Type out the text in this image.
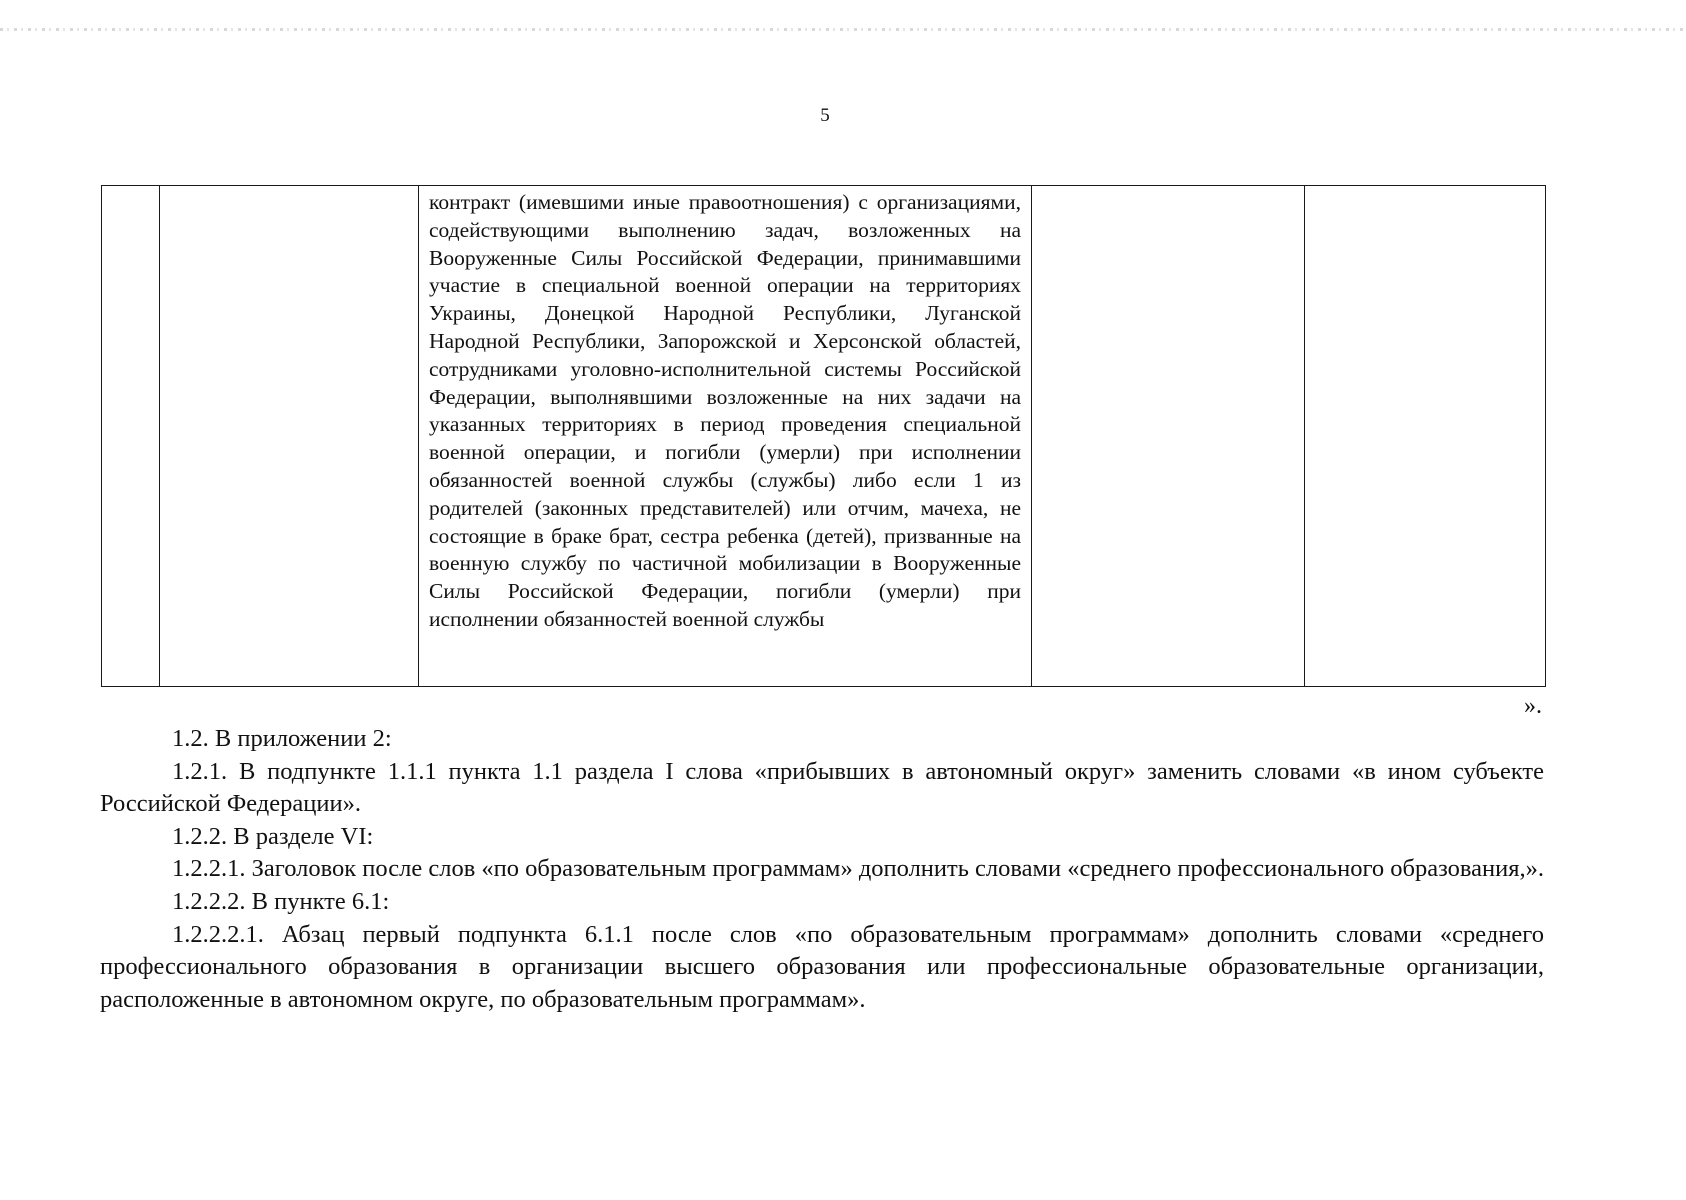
5

контракт (имевшими иные правоотношения) с организациями, содействующими выполнению задач, возложенных на Вооруженные Силы Российской Федерации, принимавшими участие в специальной военной операции на территориях Украины, Донецкой Народной Республики, Луганской Народной Республики, Запорожской и Херсонской областей, сотрудниками уголовно-исполнительной системы Российской Федерации, выполнявшими возложенные на них задачи на указанных территориях в период проведения специальной военной операции, и погибли (умерли) при исполнении обязанностей военной службы (службы) либо если 1 из родителей (законных представителей) или отчим, мачеха, не состоящие в браке брат, сестра ребенка (детей), призванные на военную службу по частичной мобилизации в Вооруженные Силы Российской Федерации, погибли (умерли) при исполнении обязанностей военной службы

».

1.2. В приложении 2:

1.2.1. В подпункте 1.1.1 пункта 1.1 раздела I слова «прибывших в автономный округ» заменить словами «в ином субъекте Российской Федерации».

1.2.2. В разделе VI:

1.2.2.1. Заголовок после слов «по образовательным программам» дополнить словами «среднего профессионального образования,».

1.2.2.2. В пункте 6.1:

1.2.2.2.1. Абзац первый подпункта 6.1.1 после слов «по образовательным программам» дополнить словами «среднего профессионального образования в организации высшего образования или профессиональные образовательные организации, расположенные в автономном округе, по образовательным программам».
